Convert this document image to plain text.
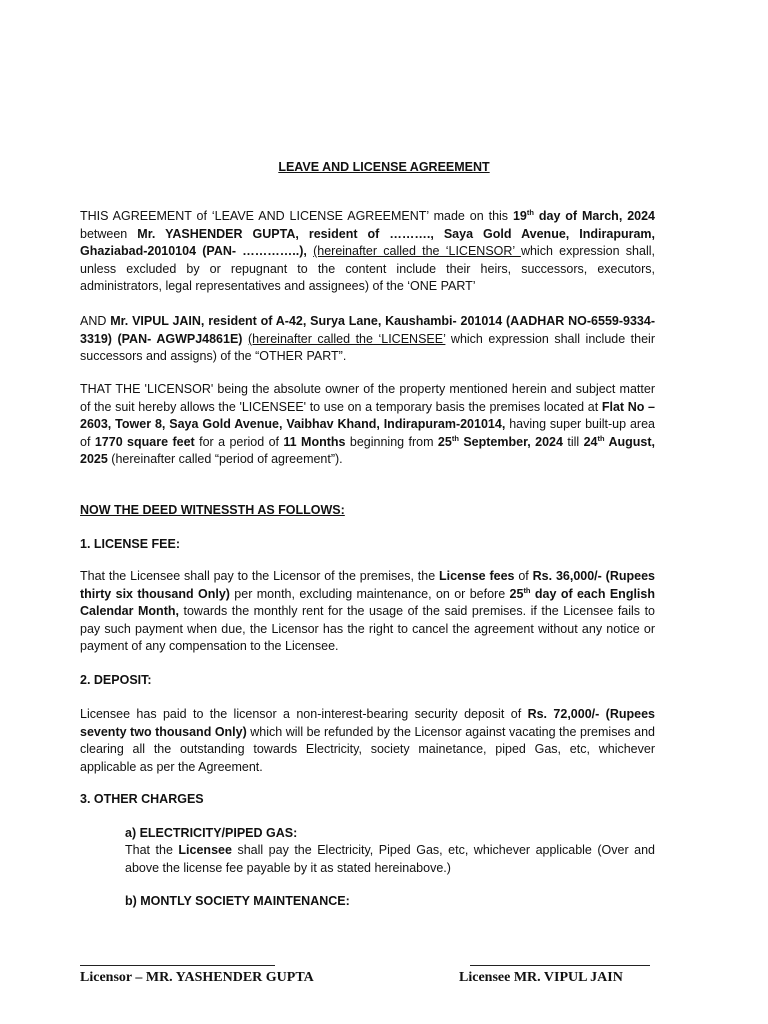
LEAVE AND LICENSE AGREEMENT

THIS AGREEMENT of ‘LEAVE AND LICENSE AGREEMENT’ made on this 19th day of March, 2024 between Mr. YASHENDER GUPTA, resident of ………., Saya Gold Avenue, Indirapuram, Ghaziabad-2010104 (PAN- …………..), (hereinafter called the ‘LICENSOR’ which expression shall, unless excluded by or repugnant to the content include their heirs, successors, executors, administrators, legal representatives and assignees) of the ‘ONE PART’

AND Mr. VIPUL JAIN, resident of A-42, Surya Lane, Kaushambi- 201014 (AADHAR NO-6559-9334-3319) (PAN- AGWPJ4861E) (hereinafter called the ‘LICENSEE’ which expression shall include their successors and assigns) of the “OTHER PART”.

THAT THE 'LICENSOR' being the absolute owner of the property mentioned herein and subject matter of the suit hereby allows the 'LICENSEE' to use on a temporary basis the premises located at Flat No – 2603, Tower 8, Saya Gold Avenue, Vaibhav Khand, Indirapuram-201014, having super built-up area of 1770 square feet for a period of 11 Months beginning from 25th September, 2024 till 24th August, 2025 (hereinafter called “period of agreement”).

NOW THE DEED WITNESSTH AS FOLLOWS:

1. LICENSE FEE:

That the Licensee shall pay to the Licensor of the premises, the License fees of Rs. 36,000/- (Rupees thirty six thousand Only) per month, excluding maintenance, on or before 25th day of each English Calendar Month, towards the monthly rent for the usage of the said premises. if the Licensee fails to pay such payment when due, the Licensor has the right to cancel the agreement without any notice or payment of any compensation to the Licensee.

2. DEPOSIT:

Licensee has paid to the licensor a non-interest-bearing security deposit of Rs. 72,000/- (Rupees seventy two thousand Only) which will be refunded by the Licensor against vacating the premises and clearing all the outstanding towards Electricity, society mainetance, piped Gas, etc, whichever applicable as per the Agreement.

3. OTHER CHARGES

a) ELECTRICITY/PIPED GAS:

That the Licensee shall pay the Electricity, Piped Gas, etc, whichever applicable (Over and above the license fee payable by it as stated hereinabove.)

b) MONTLY SOCIETY MAINTENANCE:

Licensor – MR. YASHENDER GUPTA	Licensee MR. VIPUL JAIN
